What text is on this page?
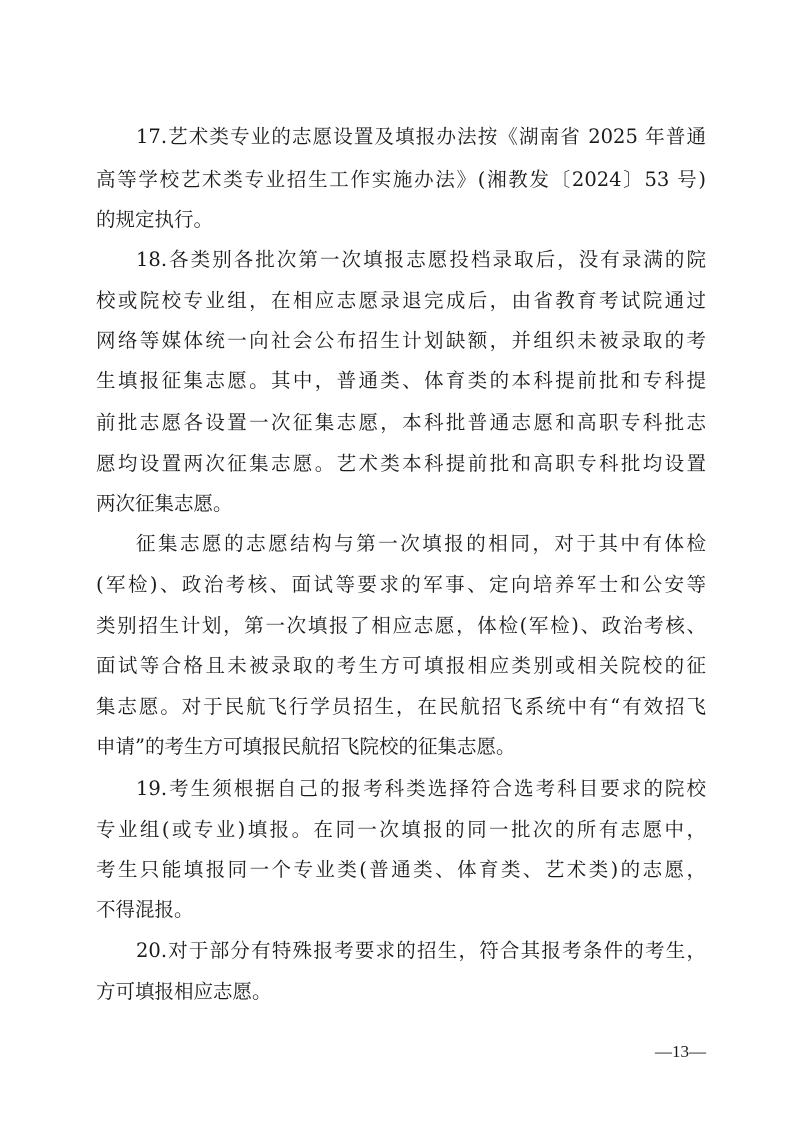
17.艺术类专业的志愿设置及填报办法按《湖南省 2025 年普通
高等学校艺术类专业招生工作实施办法》(湘教发〔2024〕53 号)
的规定执行。
18.各类别各批次第一次填报志愿投档录取后，没有录满的院
校或院校专业组，在相应志愿录退完成后，由省教育考试院通过
网络等媒体统一向社会公布招生计划缺额，并组织未被录取的考
生填报征集志愿。其中，普通类、体育类的本科提前批和专科提
前批志愿各设置一次征集志愿，本科批普通志愿和高职专科批志
愿均设置两次征集志愿。艺术类本科提前批和高职专科批均设置
两次征集志愿。
征集志愿的志愿结构与第一次填报的相同，对于其中有体检
(军检)、政治考核、面试等要求的军事、定向培养军士和公安等
类别招生计划，第一次填报了相应志愿，体检(军检)、政治考核、
面试等合格且未被录取的考生方可填报相应类别或相关院校的征
集志愿。对于民航飞行学员招生，在民航招飞系统中有“有效招飞
申请”的考生方可填报民航招飞院校的征集志愿。
19.考生须根据自己的报考科类选择符合选考科目要求的院校
专业组(或专业)填报。在同一次填报的同一批次的所有志愿中，
考生只能填报同一个专业类(普通类、体育类、艺术类)的志愿，
不得混报。
20.对于部分有特殊报考要求的招生，符合其报考条件的考生，
方可填报相应志愿。
—13—
